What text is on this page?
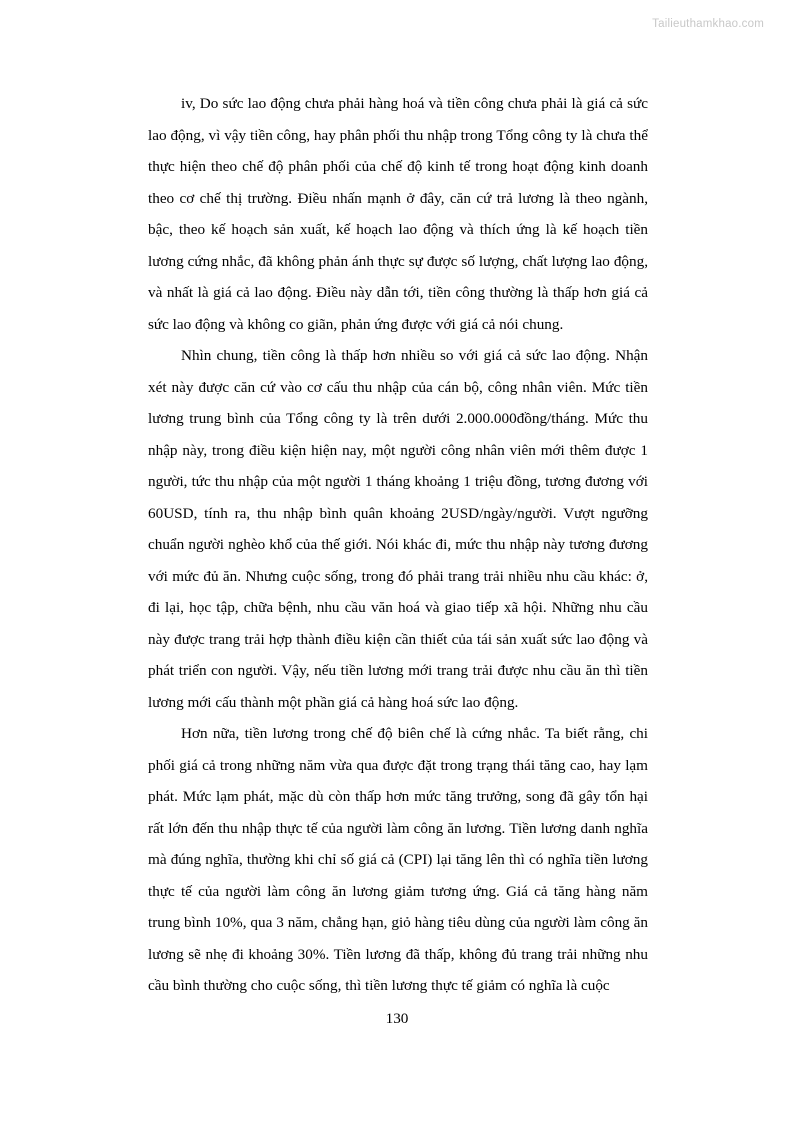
Tailieuthamkhao.com

iv, Do sức lao động chưa phải hàng hoá và tiền công chưa phải là giá cả sức lao động, vì vậy tiền công, hay phân phối thu nhập trong Tổng công ty là chưa thể thực hiện theo chế độ phân phối của chế độ kinh tế trong hoạt động kinh doanh theo cơ chế thị trường. Điều nhấn mạnh ở đây, căn cứ trả lương là theo ngành, bậc, theo kế hoạch sản xuất, kế hoạch lao động và thích ứng là kế hoạch tiền lương cứng nhắc, đã không phản ánh thực sự được số lượng, chất lượng lao động, và nhất là giá cả lao động. Điều này dẫn tới, tiền công thường là thấp hơn giá cả sức lao động và không co giãn, phản ứng được với giá cả nói chung.

Nhìn chung, tiền công là thấp hơn nhiều so với giá cả sức lao động. Nhận xét này được căn cứ vào cơ cấu thu nhập của cán bộ, công nhân viên. Mức tiền lương trung bình của Tổng công ty là trên dưới 2.000.000đồng/tháng. Mức thu nhập này, trong điều kiện hiện nay, một người công nhân viên mới thêm được 1 người, tức thu nhập của một người 1 tháng khoảng 1 triệu đồng, tương đương với 60USD, tính ra, thu nhập bình quân khoảng 2USD/ngày/người. Vượt ngưỡng chuẩn người nghèo khổ của thế giới. Nói khác đi, mức thu nhập này tương đương với mức đủ ăn. Nhưng cuộc sống, trong đó phải trang trải nhiều nhu cầu khác: ở, đi lại, học tập, chữa bệnh, nhu cầu văn hoá và giao tiếp xã hội. Những nhu cầu này được trang trải hợp thành điều kiện cần thiết của tái sản xuất sức lao động và phát triển con người. Vậy, nếu tiền lương mới trang trải được nhu cầu ăn thì tiền lương mới cấu thành một phần giá cả hàng hoá sức lao động.

Hơn nữa, tiền lương trong chế độ biên chế là cứng nhắc. Ta biết rằng, chi phối giá cả trong những năm vừa qua được đặt trong trạng thái tăng cao, hay lạm phát. Mức lạm phát, mặc dù còn thấp hơn mức tăng trưởng, song đã gây tổn hại rất lớn đến thu nhập thực tế của người làm công ăn lương. Tiền lương danh nghĩa mà đúng nghĩa, thường khi chỉ số giá cả (CPI) lại tăng lên thì có nghĩa tiền lương thực tế của người làm công ăn lương giảm tương ứng. Giá cả tăng hàng năm trung bình 10%, qua 3 năm, chẳng hạn, giỏ hàng tiêu dùng của người làm công ăn lương sẽ nhẹ đi khoảng 30%. Tiền lương đã thấp, không đủ trang trải những nhu cầu bình thường cho cuộc sống, thì tiền lương thực tế giảm có nghĩa là cuộc

130
